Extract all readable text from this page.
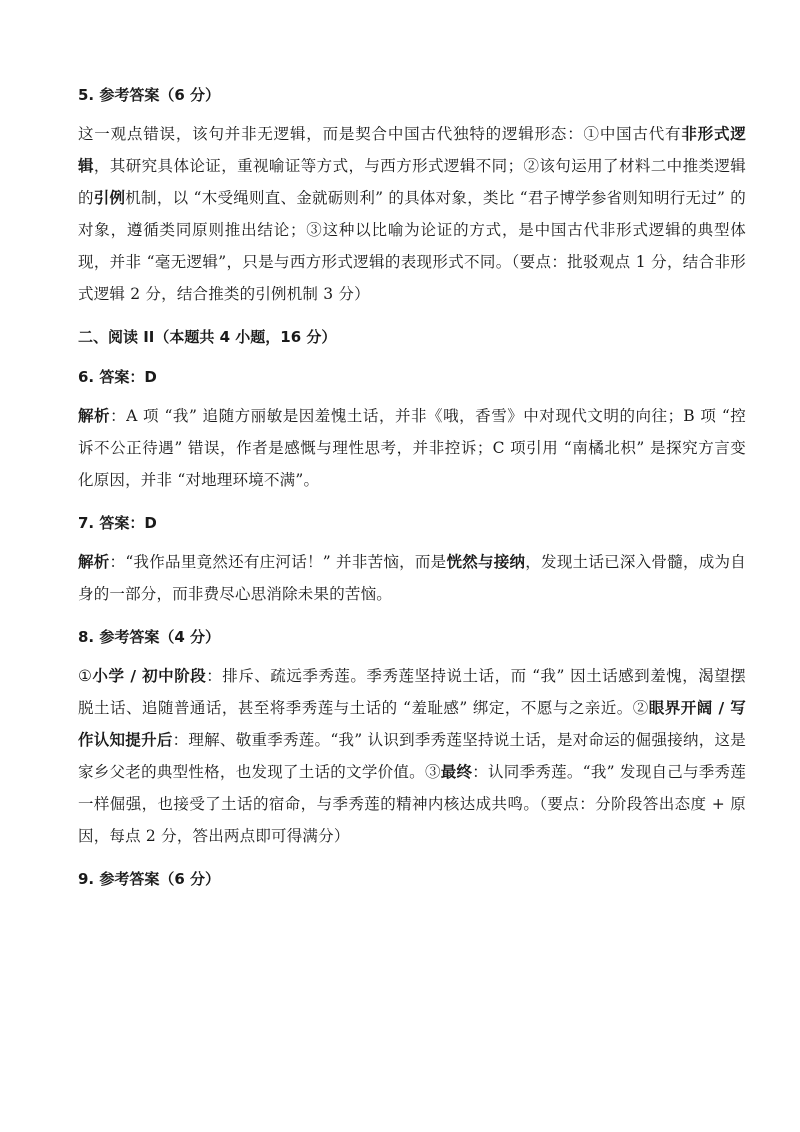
5. 参考答案（6 分）
这一观点错误，该句并非无逻辑，而是契合中国古代独特的逻辑形态：①中国古代有非形式逻辑，其研究具体论证，重视喻证等方式，与西方形式逻辑不同；②该句运用了材料二中推类逻辑的引例机制，以 “木受绳则直、金就砺则利” 的具体对象，类比 “君子博学参省则知明行无过” 的对象，遵循类同原则推出结论；③这种以比喻为论证的方式，是中国古代非形式逻辑的典型体现，并非 “毫无逻辑”，只是与西方形式逻辑的表现形式不同。（要点：批驳观点 1 分，结合非形式逻辑 2 分，结合推类的引例机制 3 分）
二、阅读 II（本题共 4 小题，16 分）
6. 答案：D
解析：A 项 “我” 追随方丽敏是因羞愧土话，并非《哦，香雪》中对现代文明的向往；B 项 “控诉不公正待遇” 错误，作者是感慨与理性思考，并非控诉；C 项引用 “南橘北枳” 是探究方言变化原因，并非 “对地理环境不满”。
7. 答案：D
解析：“我作品里竟然还有庄河话！” 并非苦恼，而是恍然与接纳，发现土话已深入骨髓，成为自身的一部分，而非费尽心思消除未果的苦恼。
8. 参考答案（4 分）
①小学 / 初中阶段：排斥、疏远季秀莲。季秀莲坚持说土话，而 “我” 因土话感到羞愧，渴望摆脱土话、追随普通话，甚至将季秀莲与土话的 “羞耻感” 绑定，不愿与之亲近。②眼界开阔 / 写作认知提升后：理解、敬重季秀莲。“我” 认识到季秀莲坚持说土话，是对命运的倔强接纳，这是家乡父老的典型性格，也发现了土话的文学价值。③最终：认同季秀莲。“我” 发现自己与季秀莲一样倔强，也接受了土话的宿命，与季秀莲的精神内核达成共鸣。（要点：分阶段答出态度 + 原因，每点 2 分，答出两点即可得满分）
9. 参考答案（6 分）
